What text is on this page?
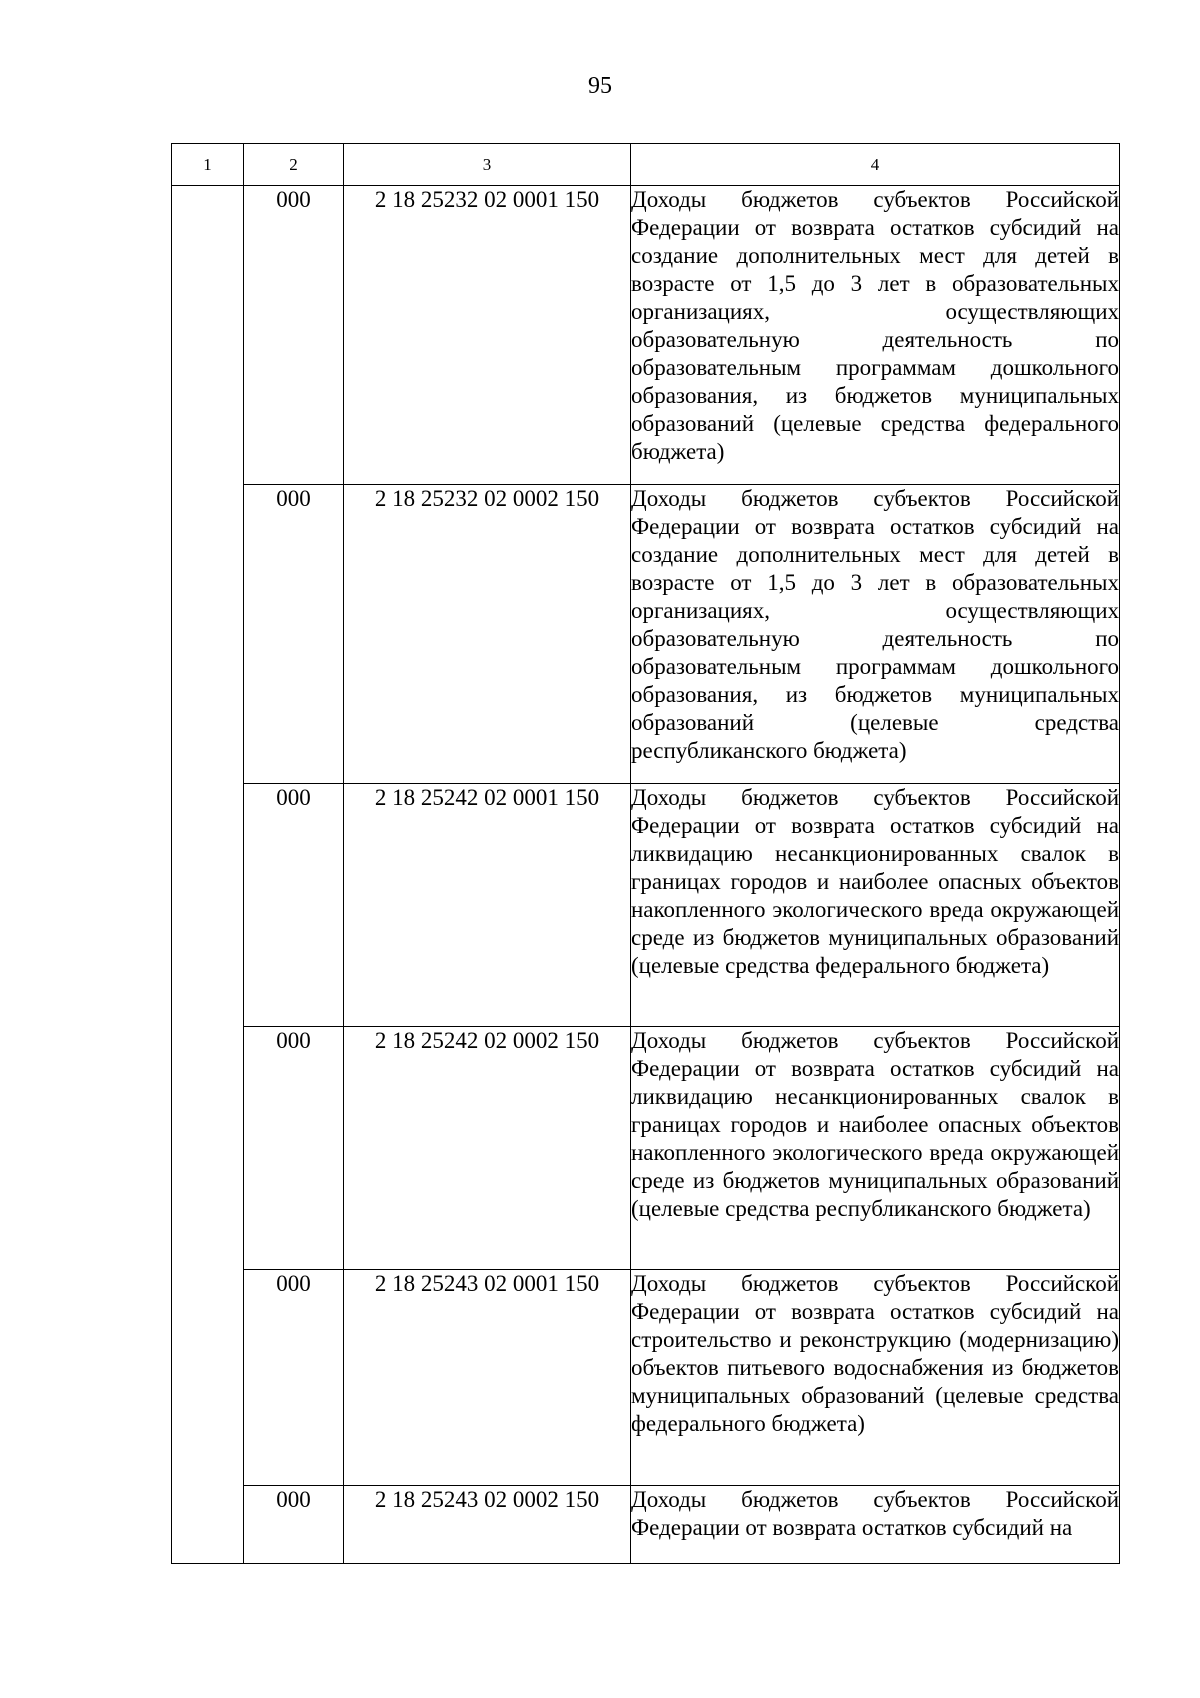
95
1	2	3	4
	000	2 18 25232 02 0001 150	Доходы бюджетов субъектов Российской Федерации от возврата остатков субсидий на создание дополнительных мест для детей в возрасте от 1,5 до 3 лет в образовательных организациях, осуществляющих образовательную деятельность по образовательным программам дошкольного образования, из бюджетов муниципальных образований (целевые средства федерального бюджета)
	000	2 18 25232 02 0002 150	Доходы бюджетов субъектов Российской Федерации от возврата остатков субсидий на создание дополнительных мест для детей в возрасте от 1,5 до 3 лет в образовательных организациях, осуществляющих образовательную деятельность по образовательным программам дошкольного образования, из бюджетов муниципальных образований (целевые средства республиканского бюджета)
	000	2 18 25242 02 0001 150	Доходы бюджетов субъектов Российской Федерации от возврата остатков субсидий на ликвидацию несанкционированных свалок в границах городов и наиболее опасных объектов накопленного экологического вреда окружающей среде из бюджетов муниципальных образований (целевые средства федерального бюджета)
	000	2 18 25242 02 0002 150	Доходы бюджетов субъектов Российской Федерации от возврата остатков субсидий на ликвидацию несанкционированных свалок в границах городов и наиболее опасных объектов накопленного экологического вреда окружающей среде из бюджетов муниципальных образований (целевые средства республиканского бюджета)
	000	2 18 25243 02 0001 150	Доходы бюджетов субъектов Российской Федерации от возврата остатков субсидий на строительство и реконструкцию (модернизацию) объектов питьевого водоснабжения из бюджетов муниципальных образований (целевые средства федерального бюджета)
	000	2 18 25243 02 0002 150	Доходы бюджетов субъектов Российской Федерации от возврата остатков субсидий на
